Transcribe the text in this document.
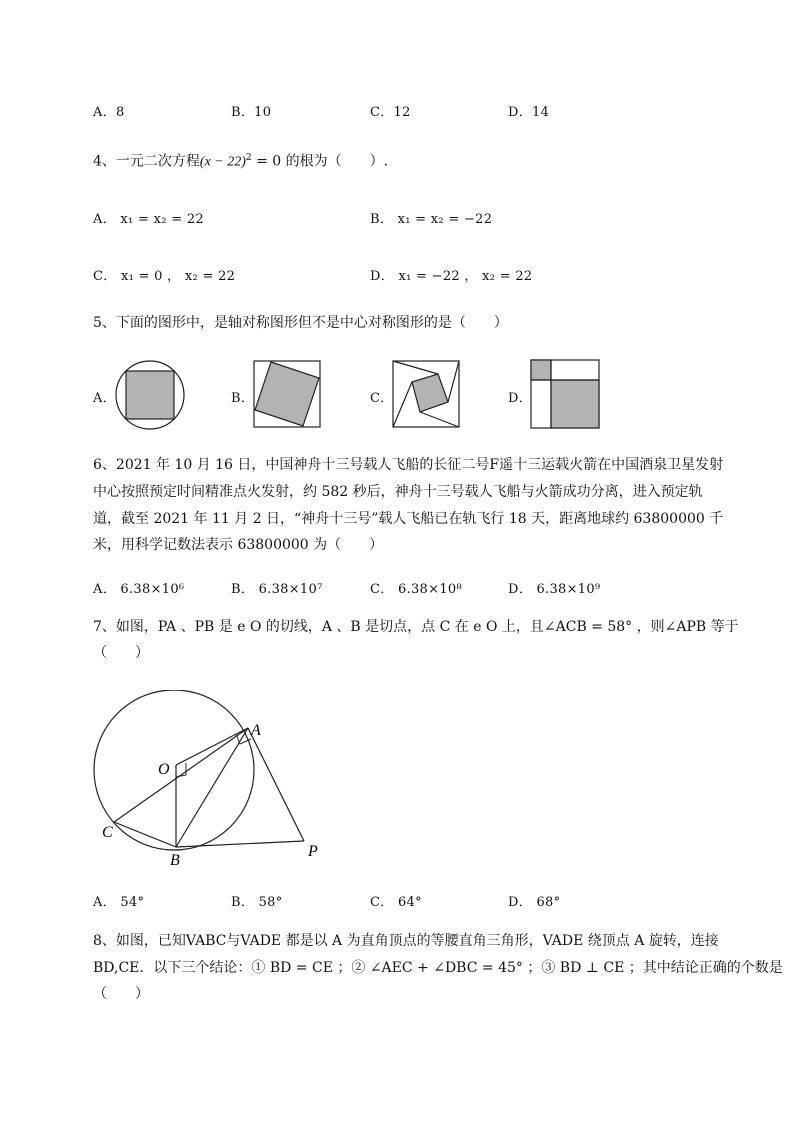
A．8	B．10	C．12	D．14
4、一元二次方程$(x - 22)^2 = 0$ 的根为（　　）.
A． x₁ = x₂ = 22	B． x₁ = x₂ = −22
C． x₁ = 0 ， x₂ = 22	D． x₁ = −22 ， x₂ = 22
5、下面的图形中，是轴对称图形但不是中心对称图形的是（　　）
A．	B．	C．	D．
6、2021 年 10 月 16 日，中国神舟十三号载人飞船的长征二号F遥十三运载火箭在中国酒泉卫星发射
中心按照预定时间精准点火发射，约 582 秒后，神舟十三号载人飞船与火箭成功分离，进入预定轨
道，截至 2021 年 11 月 2 日，“神舟十三号”载人飞船已在轨飞行 18 天，距离地球约 63800000 千
米，用科学记数法表示 63800000 为（　　）
A． 6.38×10⁶	B． 6.38×10⁷	C． 6.38×10⁸	D． 6.38×10⁹
7、如图，PA 、PB 是 e O 的切线，A 、B 是切点，点 C 在 e O 上，且∠ACB = 58° ，则∠APB 等于
（　　）
A
O
C
B
P
A． 54°	B． 58°	C． 64°	D． 68°
8、如图，已知VABC与VADE 都是以 A 为直角顶点的等腰直角三角形，VADE 绕顶点 A 旋转，连接
BD,CE．以下三个结论：① BD = CE ；② ∠AEC + ∠DBC = 45° ；③ BD ⊥ CE ；其中结论正确的个数是
（　　）
